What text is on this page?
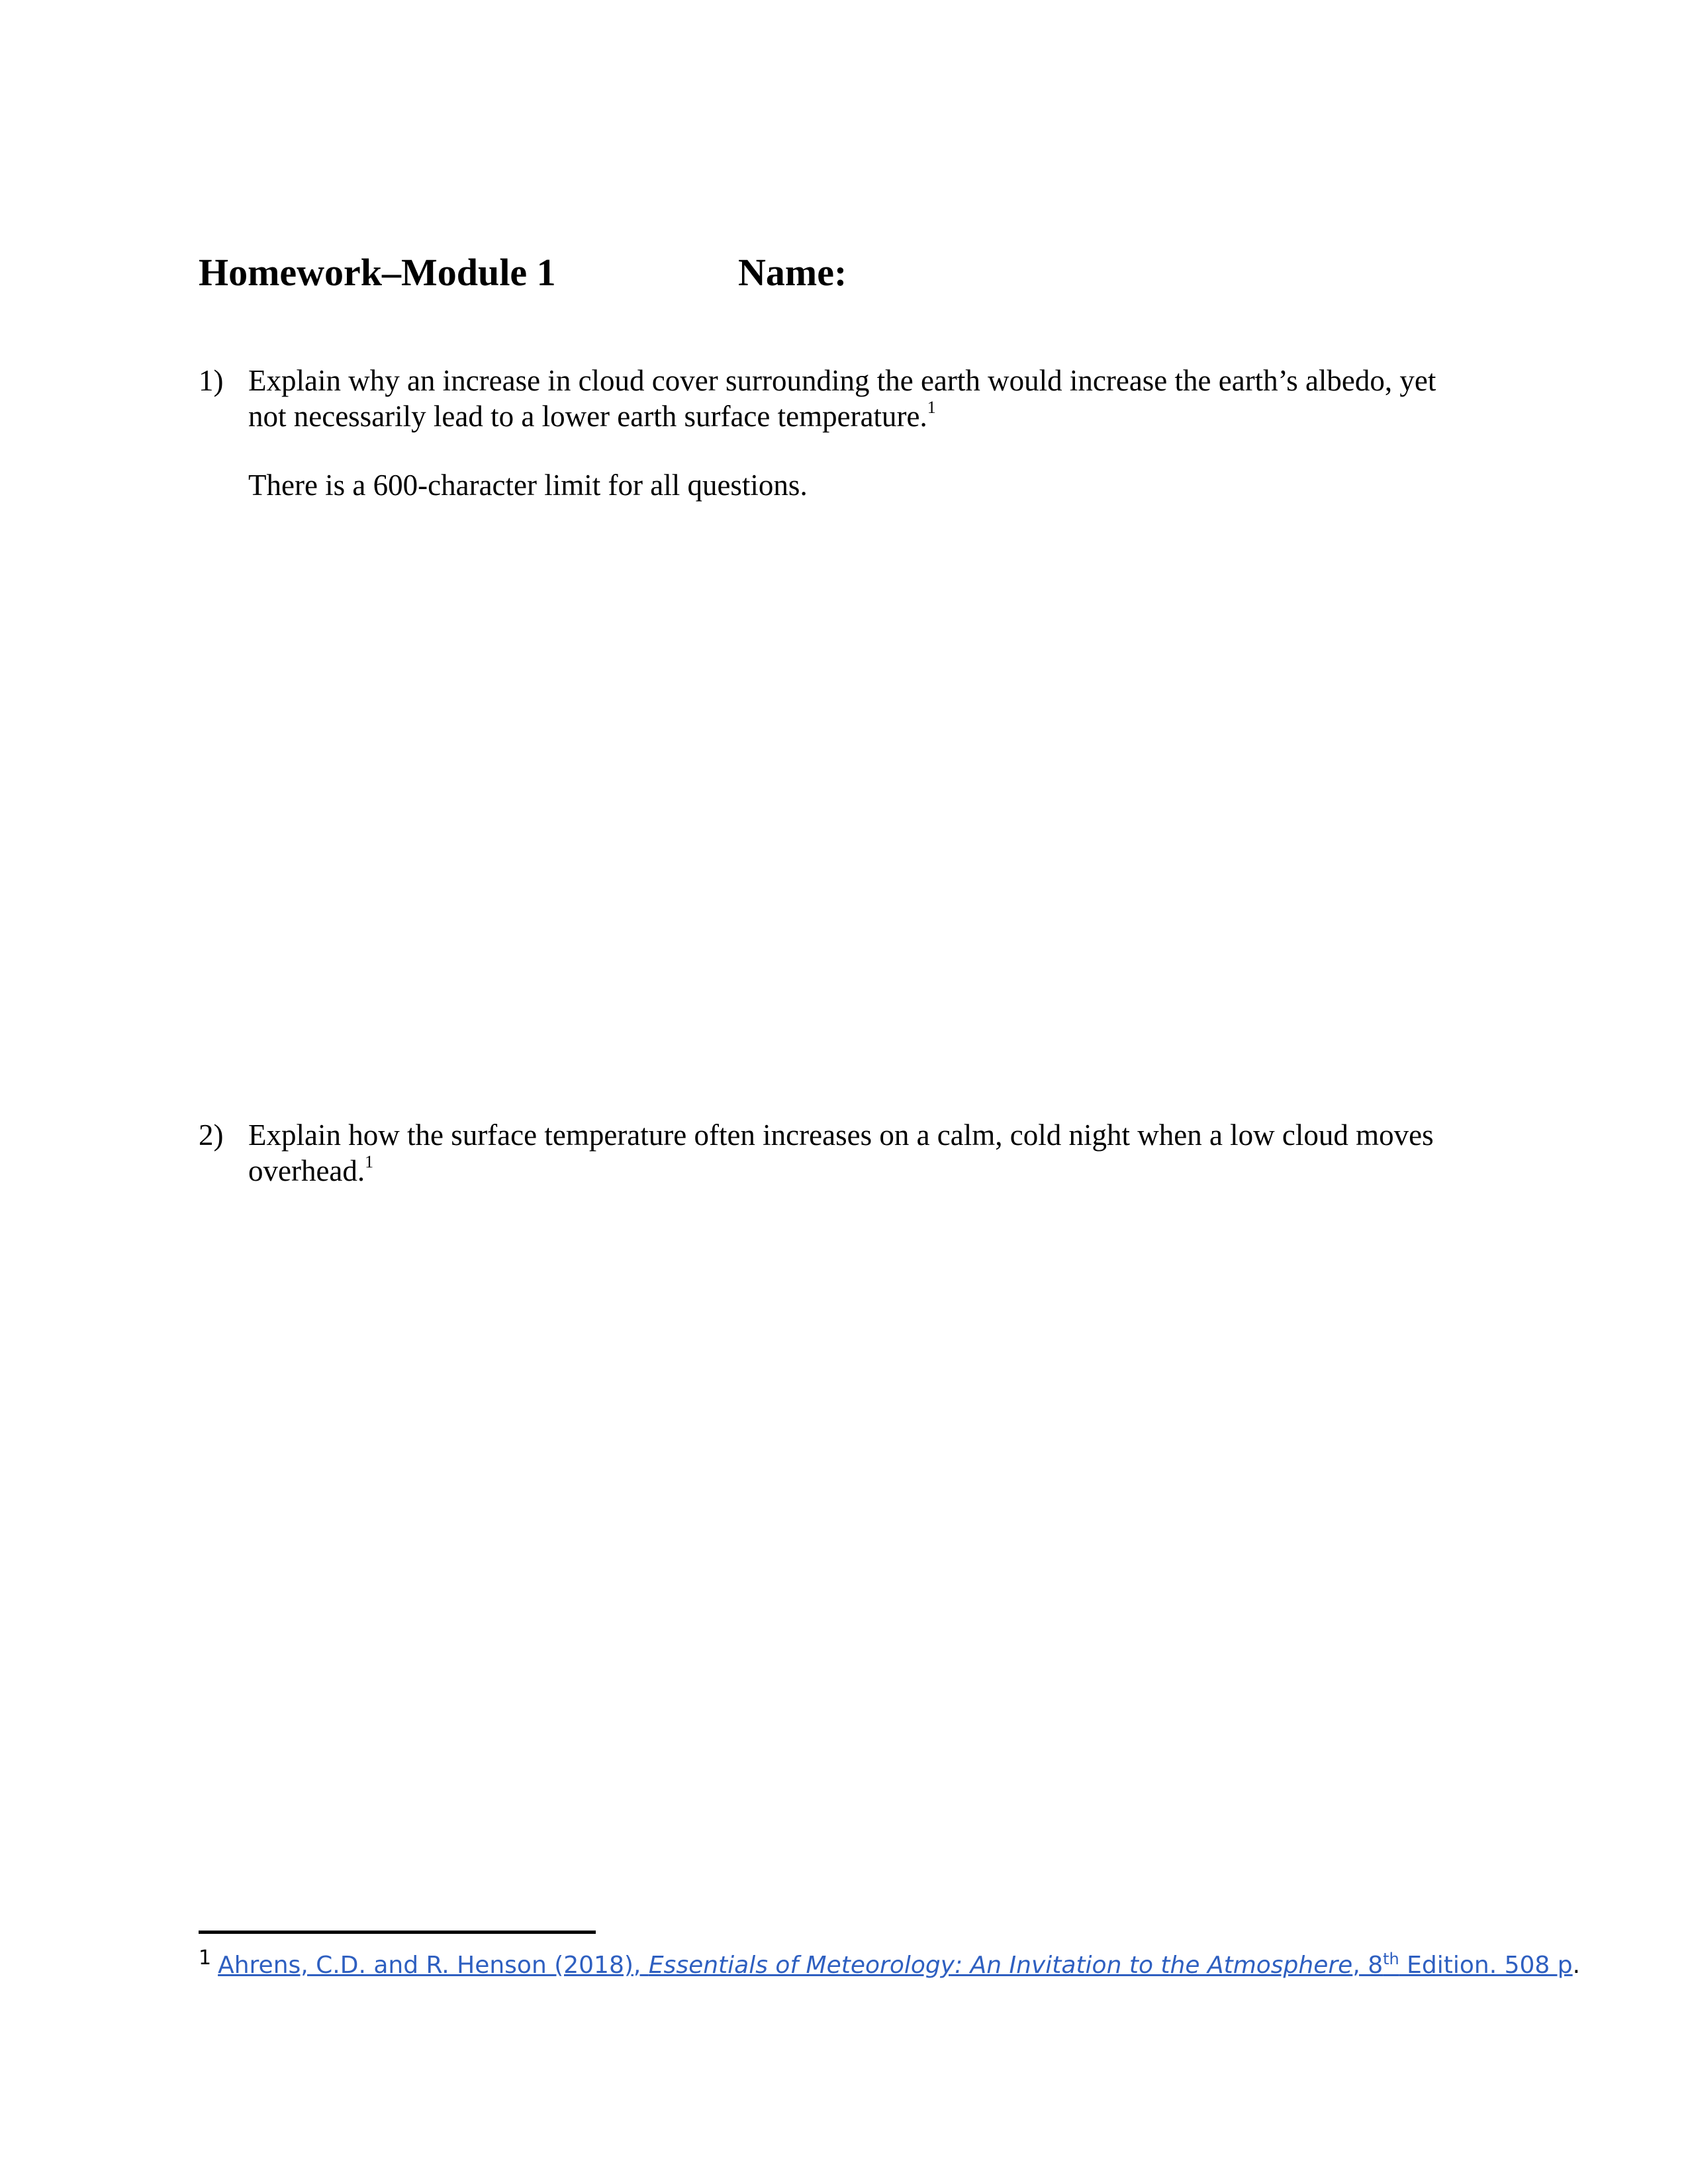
Homework–Module 1	Name:
1) Explain why an increase in cloud cover surrounding the earth would increase the earth’s albedo, yet
not necessarily lead to a lower earth surface temperature.$^1$
There is a 600-character limit for all questions.
2) Explain how the surface temperature often increases on a calm, cold night when a low cloud moves
overhead.$^1$
$^1$ Ahrens, C.D. and R. Henson (2018), Essentials of Meteorology: An Invitation to the Atmosphere, 8th Edition. 508 p.
